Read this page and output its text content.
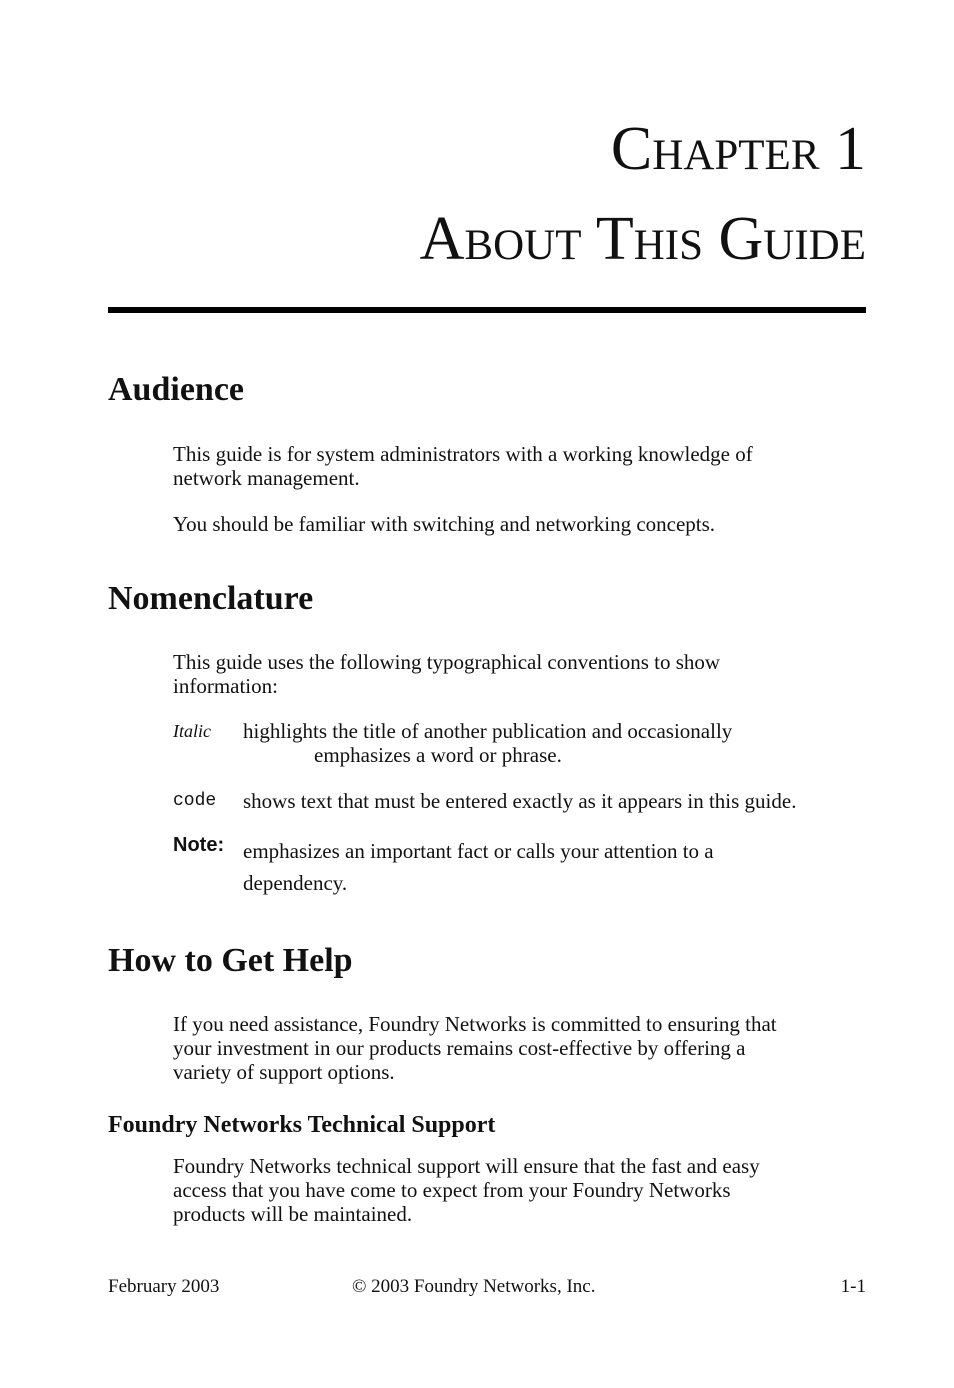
Chapter 1
About This Guide
Audience

This guide is for system administrators with a working knowledge of
network management.

You should be familiar with switching and networking concepts.

Nomenclature

This guide uses the following typographical conventions to show
information:

Italic highlights the title of another publication and occasionally

emphasizes a word or phrase.

code shows text that must be entered exactly as it appears in this guide.

Note: emphasizes an important fact or calls your attention to a
dependency.

How to Get Help

If you need assistance, Foundry Networks is committed to ensuring that
your investment in our products remains cost-effective by offering a
variety of support options.

Foundry Networks Technical Support

Foundry Networks technical support will ensure that the fast and easy
access that you have come to expect from your Foundry Networks
products will be maintained.

February 2003	© 2003 Foundry Networks, Inc.	1-1
